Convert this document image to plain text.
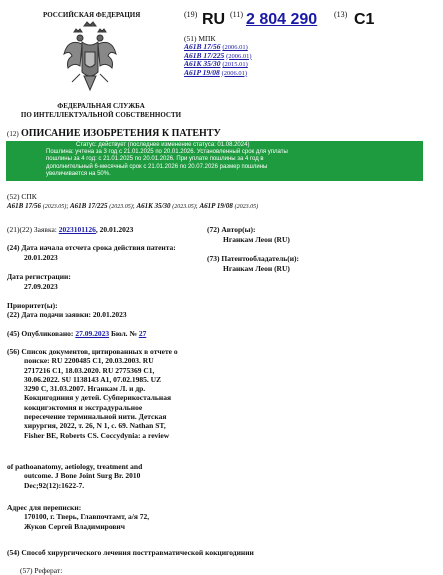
РОССИЙСКАЯ ФЕДЕРАЦИЯ
ФЕДЕРАЛЬНАЯ СЛУЖБА
ПО ИНТЕЛЛЕКТУАЛЬНОЙ СОБСТВЕННОСТИ
(19) RU (11) 2 804 290 (13) C1
(51) МПК
A61B 17/56 (2006.01)
A61B 17/225 (2006.01)
A61K 35/30 (2015.01)
A61P 19/08 (2006.01)
(12) ОПИСАНИЕ ИЗОБРЕТЕНИЯ К ПАТЕНТУ
Статус: действует (последнее изменение статуса: 01.08.2024)
Пошлина: учтена за 3 год с 21.01.2025 по 20.01.2026. Установленный срок для уплаты
пошлины за 4 год: с 21.01.2025 по 20.01.2026. При уплате пошлины за 4 год в
дополнительный 6-месячный срок с 21.01.2026 по 20.07.2026 размер пошлины
увеличивается на 50%.
(52) СПК
A61B 17/56 (2023.05); A61B 17/225 (2023.05); A61K 35/30 (2023.05); A61P 19/08 (2023.05)
(21)(22) Заявка: 2023101126, 20.01.2023
(24) Дата начала отсчета срока действия патента:
20.01.2023
Дата регистрации:
27.09.2023
Приоритет(ы):
(22) Дата подачи заявки: 20.01.2023
(45) Опубликовано: 27.09.2023 Бюл. № 27
(56) Список документов, цитированных в отчете о
поиске: RU 2200485 C1, 20.03.2003. RU
2717216 C1, 18.03.2020. RU 2775369 C1,
30.06.2022. SU 1138143 A1, 07.02.1985. UZ
3290 C, 31.03.2007. Нганкам Л. и др.
Кокцигодиния у детей. Субперикостальная
кокцигэктомия и экстрадуральное
пересечение терминальной нити. Детская
хирургия, 2022, т. 26, N 1, с. 69. Nathan ST,
Fisher BE, Roberts CS. Coccydynia: a review
of pathoanatomy, aetiology, treatment and
outcome. J Bone Joint Surg Br. 2010
Dec;92(12):1622-7.
Адрес для переписки:
170100, г. Тверь, Главпочтамт, а/я 72,
Жуков Сергей Владимирович
(72) Автор(ы):
Нганкам Леон (RU)
(73) Патентообладатель(и):
Нганкам Леон (RU)
(54) Способ хирургического лечения посттравматической кокцигодинии
(57) Реферат:
